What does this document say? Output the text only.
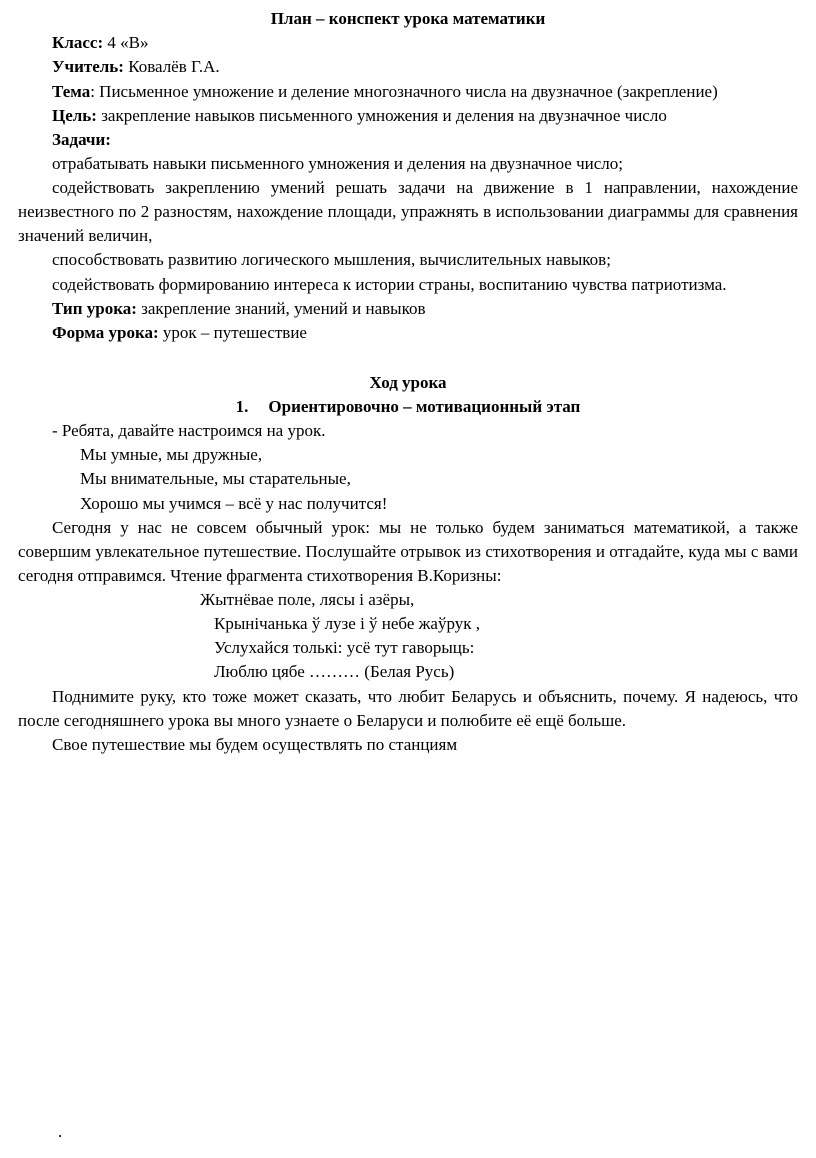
План – конспект урока математики

Класс: 4 «В»

Учитель: Ковалёв Г.А.

Тема: Письменное умножение и деление многозначного числа на двузначное (закрепление)

Цель: закрепление навыков письменного умножения и деления на двузначное число

Задачи:

отрабатывать навыки письменного умножения и деления на двузначное число;

содействовать закреплению умений решать задачи на движение в 1 направлении, нахождение неизвестного по 2 разностям, нахождение площади, упражнять в использовании диаграммы для сравнения значений величин,

способствовать развитию логического мышления, вычислительных навыков;

содействовать формированию интереса к истории страны, воспитанию чувства патриотизма.

Тип урока: закрепление знаний, умений и навыков

Форма урока: урок – путешествие

Ход урока

1. Ориентировочно – мотивационный этап

- Ребята, давайте настроимся на урок.

Мы умные, мы дружные,

Мы внимательные, мы старательные,

Хорошо мы учимся – всё у нас получится!

Сегодня у нас не совсем обычный урок: мы не только будем заниматься математикой, а также совершим увлекательное путешествие. Послушайте отрывок из стихотворения и отгадайте, куда мы с вами сегодня отправимся. Чтение фрагмента стихотворения В.Коризны:

Жытнёвае поле, лясы і азёры,

Крынічанька ў лузе і ў небе жаўрук ,

Услухайся толькі: усё тут гаворыць:

Люблю цябе ……… (Белая Русь)

Поднимите руку, кто тоже может сказать, что любит Беларусь и объяснить, почему. Я надеюсь, что после сегодняшнего урока вы много узнаете о Беларуси и полюбите её ещё больше.

Свое путешествие мы будем осуществлять по станциям

.
